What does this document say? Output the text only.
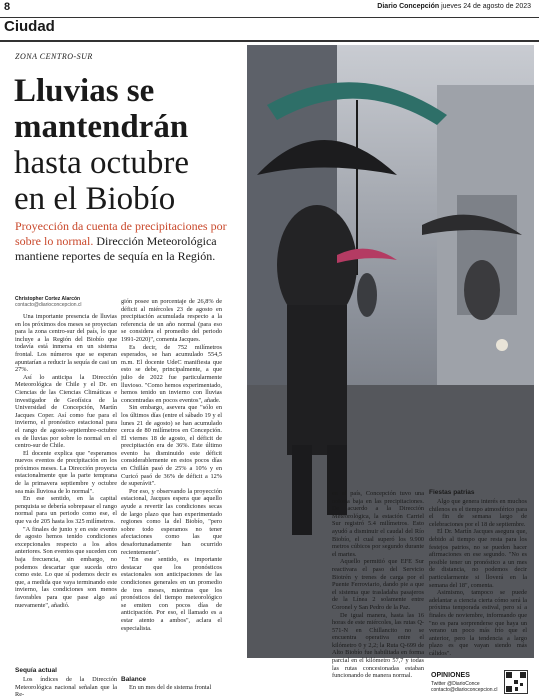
8	Diario Concepción jueves 24 de agosto de 2023
Ciudad
ZONA CENTRO-SUR
Lluvias se
mantendrán
hasta octubre
en el Biobío
Proyección da cuenta de precipitaciones por sobre lo normal. Dirección Meteorológica mantiene reportes de sequía en la Región.
Christopher Cortez Alarcón
contacto@diarioconcepcion.cl

Una importante presencia de lluvias en los próximos dos meses se proyectan para la zona centro-sur del país, lo que incluye a la Región del Biobío que todavía está inmersa en un sistema frontal. Los números que se esperan apuntarían a reducir la sequía de casi un 27%.

Así lo anticipa la Dirección Meteorológica de Chile y el Dr. en Ciencias de las Ciencias Climáticas e investigador de Geofísica de la Universidad de Concepción, Martín Jacques Coper. Así como fue para el invierno, el pronóstico estacional para el rango de agosto-septiembre-octubre es de lluvias por sobre lo normal en el centro-sur de Chile.

El docente explica que "esperamos nuevos eventos de precipitación en los próximos meses. La Dirección proyecta estacionalmente que la parte temprana de la primavera septiembre y octubre sea más lluviosa de lo normal".

En ese sentido, en la capital penquista se debería sobrepasar el rango normal para un periodo como ese, el que va de 205 hasta los 325 milímetros.

"A finales de junio y en este evento de agosto hemos tenido condiciones excepcionales respecto a los años anteriores. Son eventos que suceden con baja frecuencia, sin embargo, no podemos descartar que suceda otro como este. Lo que sí podemos decir es que, a medida que vaya terminando este invierno, las condiciones son menos favorables para que pase algo así nuevamente", añadió.

Sequía actual

Los índices de la Dirección Meteorológica nacional señalan que la Re-

gión posee un porcentaje de 26,8% de déficit al miércoles 23 de agosto en precipitación acumulada respecto a la referencia de un año normal (para eso se considera el promedio del periodo 1991-2020)", comenta Jacques.

Es decir, de 752 milímetros esperados, se han acumulado 554,5 m.m. El docente UdeC manifiesta que esto se debe, principalmente, a que julio de 2022 fue particularmente lluvioso. "Como hemos experimentado, hemos tenido un invierno con lluvias concentradas en pocos eventos", añade.

Sin embargo, asevera que "sólo en los últimos días (entre el sábado 19 y el lunes 21 de agosto) se han acumulado cerca de 80 milímetros en Concepción. El viernes 18 de agosto, el déficit de precipitación era de 36%. Este último evento ha disminuido este déficit considerablemente en estos pocos días en Chillán pasó de 25% a 10% y en Curicó pasó de 36% de déficit a 12% de superávit".

Por eso, y observando la proyección estacional, Jacques espera que aquello ayude a revertir las condiciones secas de largo plazo que han experimentado regiones como la del Biobío, "pero sobre todo esperamos no tener afectaciones como las que desafortunadamente han ocurrido recientemente".

"En ese sentido, es importante destacar que los pronósticos estacionales son anticipaciones de las condiciones generales en un promedio de tres meses, mientras que los pronósticos del tiempo meteorológico se emiten con pocos días de anticipación. Por eso, el llamado es a estar atento a ambos", aclara el especialista.

Balance

En un mes del de sistema frontal

en el país, Concepción tuvo una notoria baja en las precipitaciones. De acuerdo a la Dirección Meteorológica, la estación Carriel Sur registró 5.4 milímetros. Esto ayudó a disminuir el caudal del Río Biobío, el cual superó los 9.900 metros cúbicos por segundo durante el martes.

Aquello permitió que EFE Sur reactivara el paso del Servicio Biotrén y trenes de carga por el Puente Ferroviario, dando pie a que el sistema que trasladaba pasajeros de la Línea 2 solamente entre Coronel y San Pedro de la Paz.

De igual manera, hasta las 16 horas de este miércoles, las rutas Q-571-N en Chillancito no se encuentra operativa entre el kilómetro 0 y 2,2; la Ruta Q-699 de Alto Biobío fue habilitada en forma parcial en el kilómetro 57,7 y todas las rutas concesionadas estaban funcionando de manera normal.

Fiestas patrias

Algo que genera interés en muchos chilenos es el tiempo atmosférico para el fin de semana largo de celebraciones por el 18 de septiembre.

El Dr. Martín Jacques asegura que, debido al tiempo que resta para los festejos patrios, no se pueden hacer afirmaciones en ese segundo. "No es posible tener un pronóstico a un mes de distancia, no podemos decir particularmente si lloverá en la semana del 18", comenta.

Asimismo, tampoco se puede adelantar a ciencia cierta cómo será la próxima temporada estival, pero sí a finales de noviembre, informando que "no es para sorprenderse que haya un verano un poco más frío que el anterior, pero la tendencia a largo plazo es que vayan siendo más cálidos".

OPINIONES
Twitter @DiarioConce
contacto@diarioconcepcion.cl
